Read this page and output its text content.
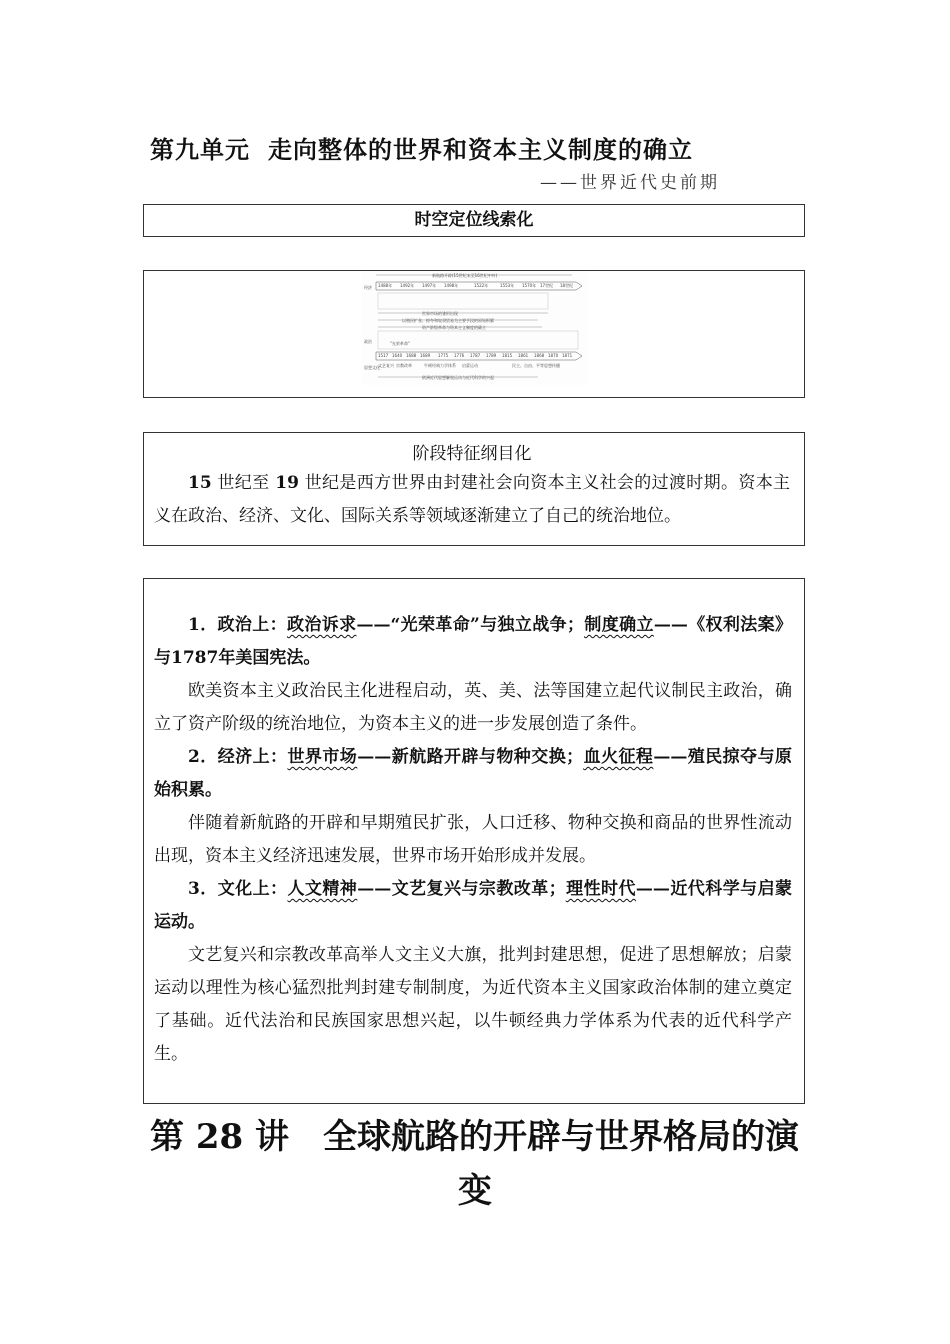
第九单元 走向整体的世界和资本主义制度的确立
——世界近代史前期
时空定位线索化
经济
政治
思想文化
新航路开辟(15世纪末至16世纪中叶)
1488年 1492年 1497年 1498年	1522年	1553年 1570年 17世纪 18世纪
世界市场的雏形出现
以殖民扩张、掠夺和奴隶贸易为主要手段的原始积累
资产阶级革命与资本主义制度的确立
"光荣革命"
1517 1640 1688 1689 1775 1776 1787 1789 1815 1861 1868 1870 1871
文艺复兴 宗教改革	牛顿经典力学体系 启蒙运动	民主、自由、平等思想传播
欧洲近代思想解放运动与近代科学的兴起
阶段特征纲目化

15 世纪至 19 世纪是西方世界由封建社会向资本主义社会的过渡时期。资本主义在政治、经济、文化、国际关系等领域逐渐建立了自己的统治地位。

1．政治上：政治诉求——“光荣革命”与独立战争；制度确立——《权利法案》与1787年美国宪法。

欧美资本主义政治民主化进程启动，英、美、法等国建立起代议制民主政治，确立了资产阶级的统治地位，为资本主义的进一步发展创造了条件。

2．经济上：世界市场——新航路开辟与物种交换；血火征程——殖民掠夺与原始积累。

伴随着新航路的开辟和早期殖民扩张，人口迁移、物种交换和商品的世界性流动出现，资本主义经济迅速发展，世界市场开始形成并发展。

3．文化上：人文精神——文艺复兴与宗教改革；理性时代——近代科学与启蒙运动。

文艺复兴和宗教改革高举人文主义大旗，批判封建思想，促进了思想解放；启蒙运动以理性为核心猛烈批判封建专制制度，为近代资本主义国家政治体制的建立奠定了基础。近代法治和民族国家思想兴起，以牛顿经典力学体系为代表的近代科学产生。

第 28 讲　全球航路的开辟与世界格局的演
变
